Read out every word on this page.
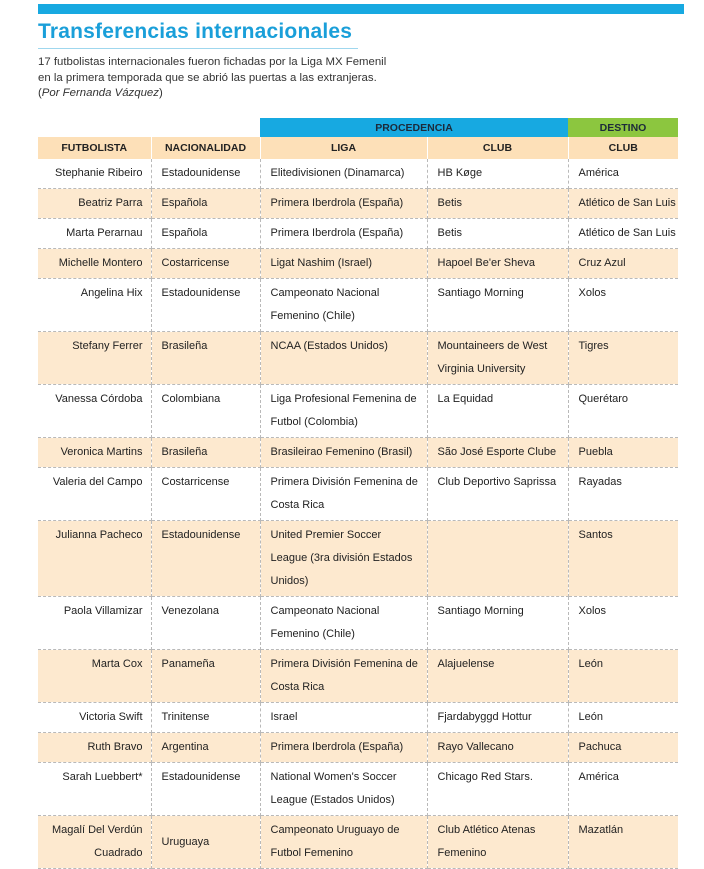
Transferencias internacionales
17 futbolistas internacionales fueron fichadas por la Liga MX Femenil
en la primera temporada que se abrió las puertas a las extranjeras.
(Por Fernanda Vázquez)
		PROCEDENCIA		DESTINO
FUTBOLISTA	NACIONALIDAD	LIGA	CLUB	CLUB
Stephanie Ribeiro	Estadounidense	Elitedivisionen (Dinamarca)	HB Køge	América
Beatriz Parra	Española	Primera Iberdrola (España)	Betis	Atlético de San Luis
Marta Perarnau	Española	Primera Iberdrola (España)	Betis	Atlético de San Luis
Michelle Montero	Costarricense	Ligat Nashim (Israel)	Hapoel Be'er Sheva	Cruz Azul
Angelina Hix	Estadounidense	Campeonato Nacional Femenino (Chile)	Santiago Morning	Xolos
Stefany Ferrer	Brasileña	NCAA (Estados Unidos)	Mountaineers de West Virginia University	Tigres
Vanessa Córdoba	Colombiana	Liga Profesional Femenina de Futbol (Colombia)	La Equidad	Querétaro
Veronica Martins	Brasileña	Brasileirao Femenino (Brasil)	São José Esporte Clube	Puebla
Valeria del Campo	Costarricense	Primera División Femenina de Costa Rica	Club Deportivo Saprissa	Rayadas
Julianna Pacheco	Estadounidense	United Premier Soccer League (3ra división Estados Unidos)		Santos
Paola Villamizar	Venezolana	Campeonato Nacional Femenino (Chile)	Santiago Morning	Xolos
Marta Cox	Panameña	Primera División Femenina de Costa Rica	Alajuelense	León
Victoria Swift	Trinitense	Israel	Fjardabyggd Hottur	León
Ruth Bravo	Argentina	Primera Iberdrola (España)	Rayo Vallecano	Pachuca
Sarah Luebbert*	Estadounidense	National Women's Soccer League (Estados Unidos)	Chicago Red Stars.	América
Magalí Del Verdún Cuadrado	Uruguaya	Campeonato Uruguayo de Futbol Femenino	Club Atlético Atenas Femenino	Mazatlán
